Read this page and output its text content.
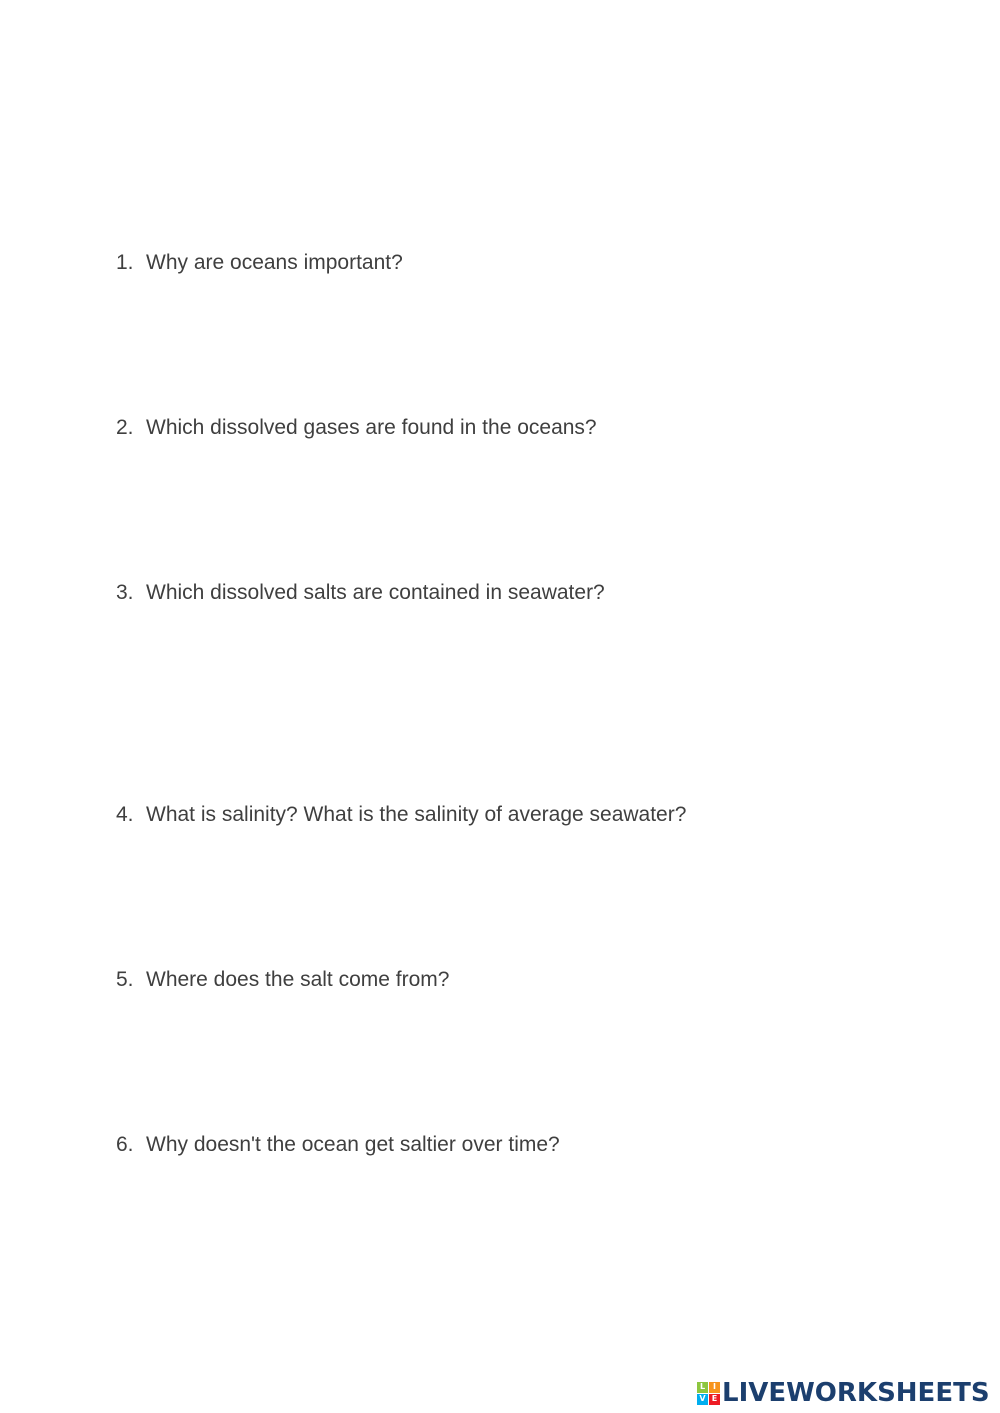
1. Why are oceans important?
2. Which dissolved gases are found in the oceans?
3. Which dissolved salts are contained in seawater?
4. What is salinity? What is the salinity of average seawater?
5. Where does the salt come from?
6. Why doesn't the ocean get saltier over time?
L I
V E LIVEWORKSHEETS
